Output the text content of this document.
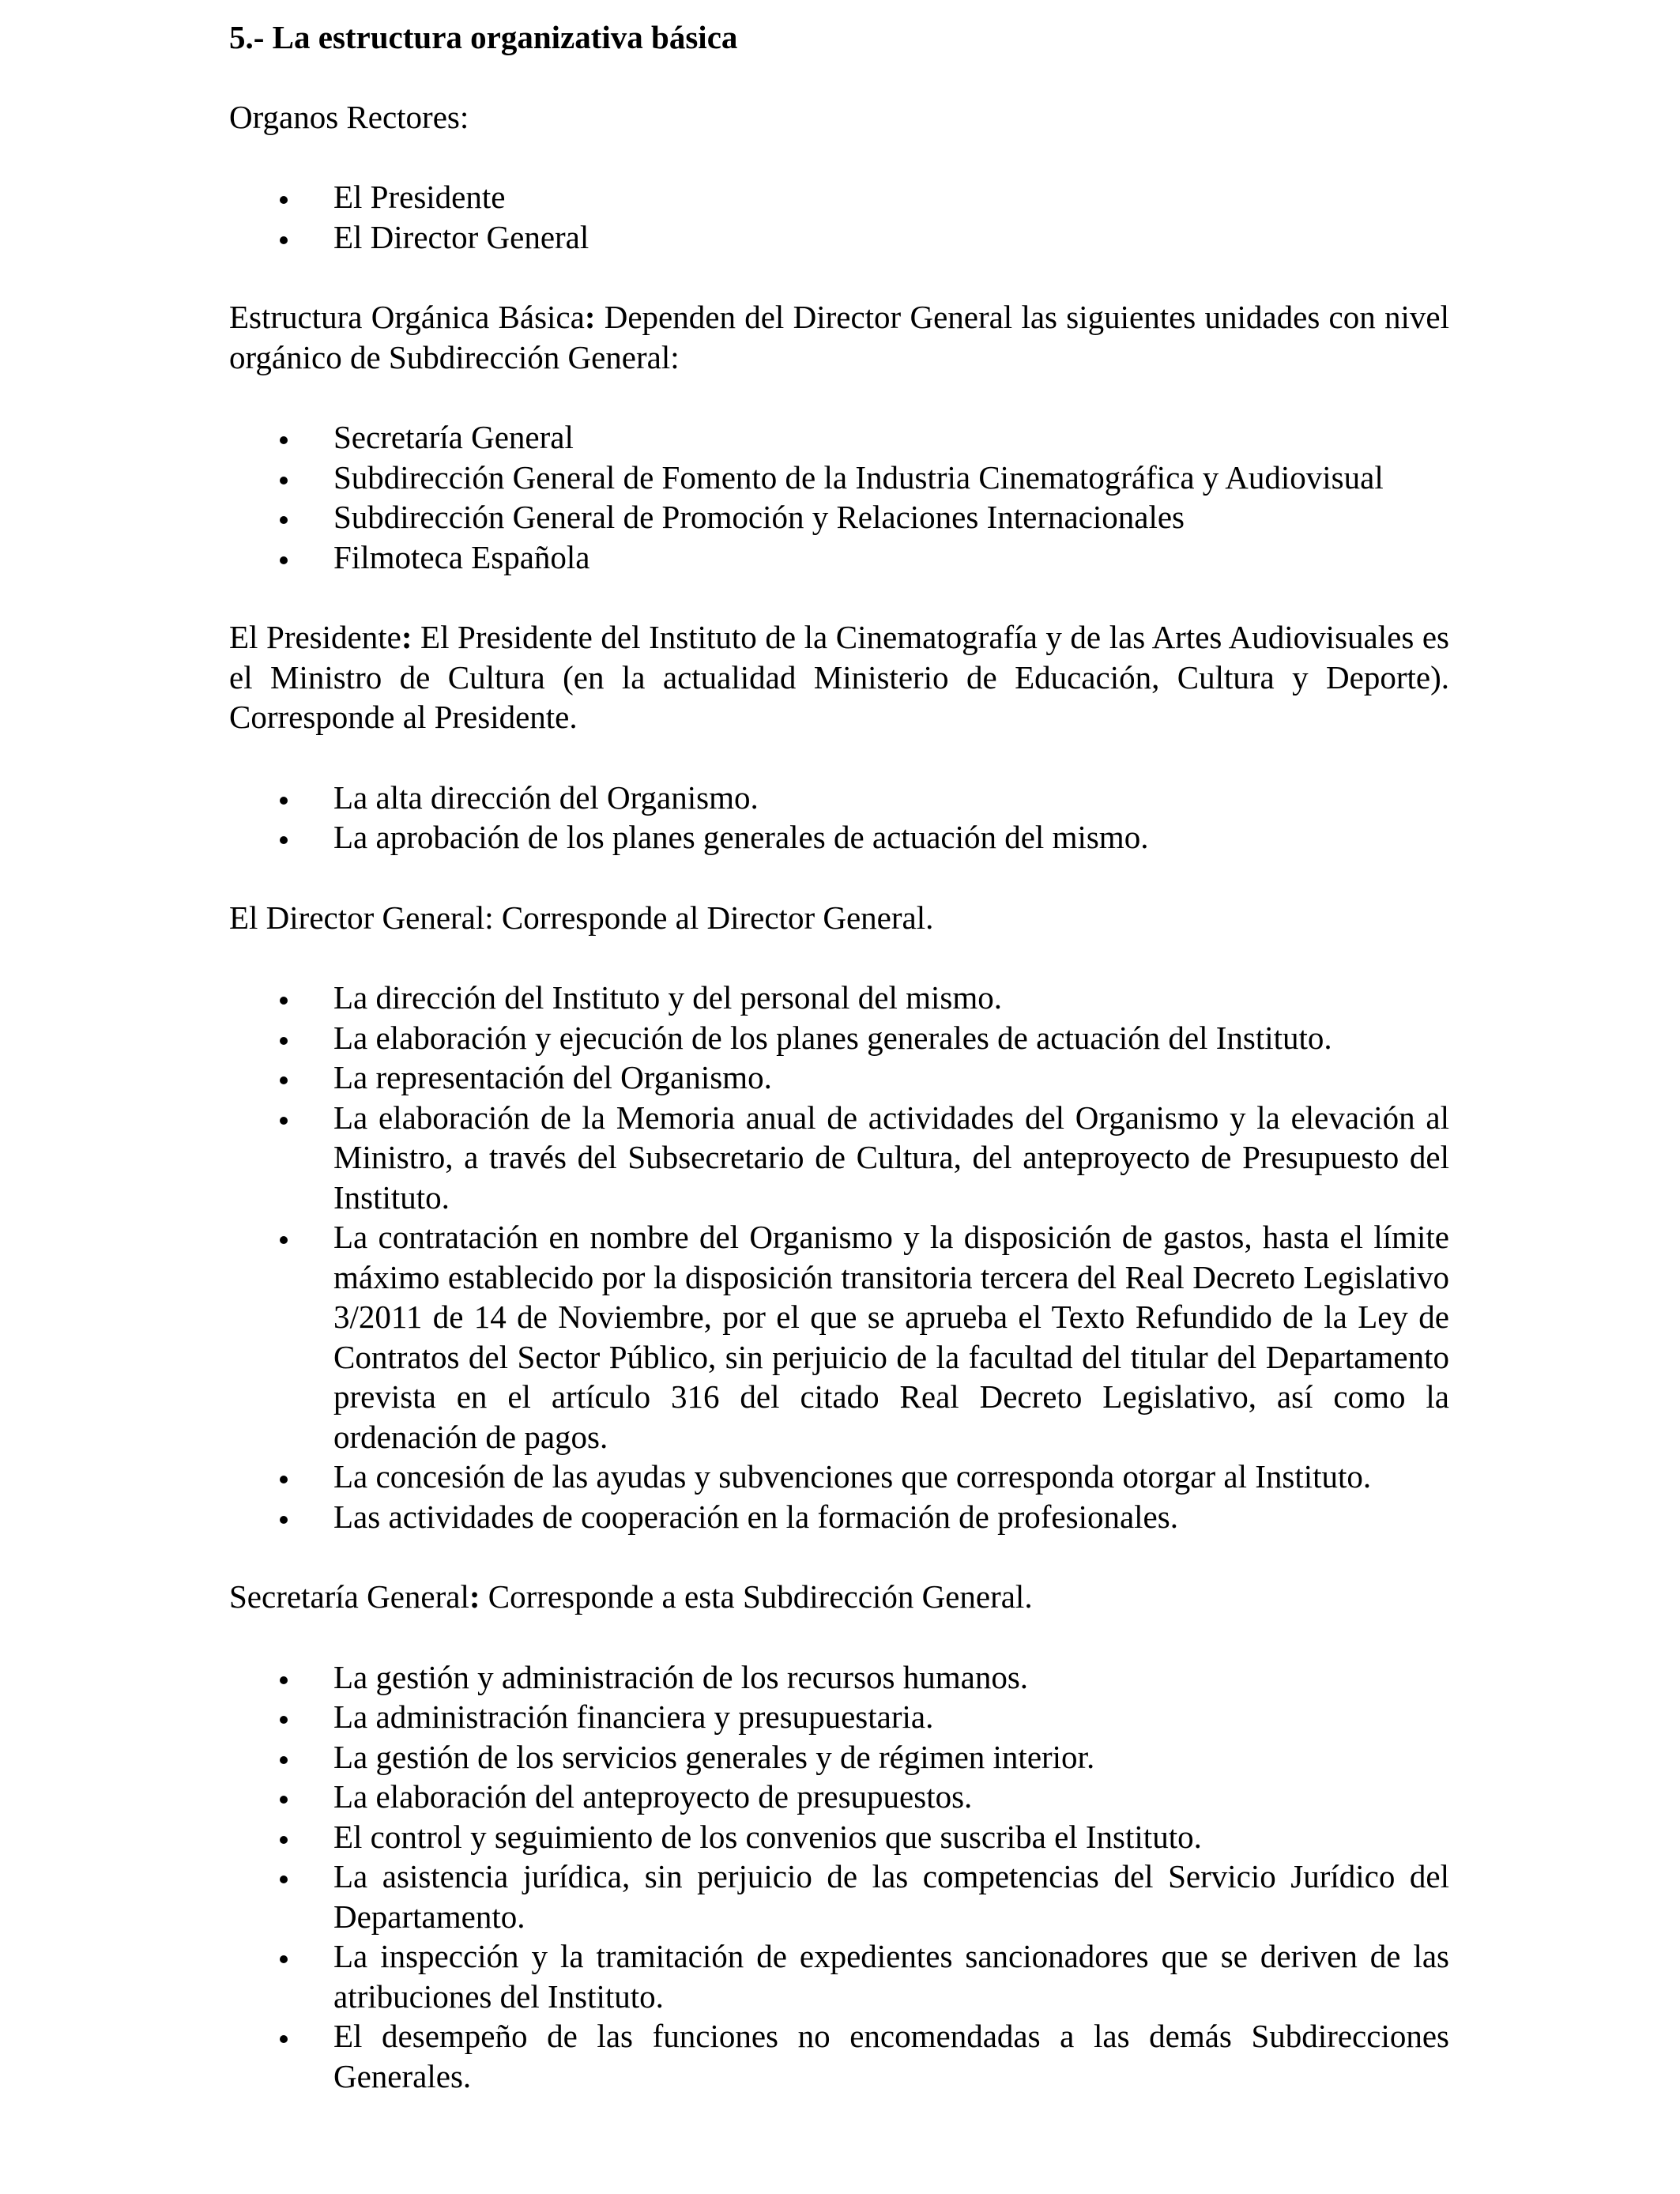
5.- La estructura organizativa básica
Organos Rectores:
El Presidente
El Director General
Estructura Orgánica Básica: Dependen del Director General las siguientes unidades con nivel orgánico de Subdirección General:
Secretaría General
Subdirección General de Fomento de la Industria Cinematográfica y Audiovisual
Subdirección General de Promoción y Relaciones Internacionales
Filmoteca Española
El Presidente: El Presidente del Instituto de la Cinematografía y de las Artes Audiovisuales es el Ministro de Cultura (en la actualidad Ministerio de Educación, Cultura y Deporte). Corresponde al Presidente.
La alta dirección del Organismo.
La aprobación de los planes generales de actuación del mismo.
El Director General: Corresponde al Director General.
La dirección del Instituto y del personal del mismo.
La elaboración y ejecución de los planes generales de actuación del Instituto.
La representación del Organismo.
La elaboración de la Memoria anual de actividades del Organismo y la elevación al Ministro, a través del Subsecretario de Cultura, del anteproyecto de Presupuesto del Instituto.
La contratación en nombre del Organismo y la disposición de gastos, hasta el límite máximo establecido por la disposición transitoria tercera del Real Decreto Legislativo 3/2011 de 14 de Noviembre, por el que se aprueba el Texto Refundido de la Ley de Contratos del Sector Público, sin perjuicio de la facultad del titular del Departamento prevista en el artículo 316 del citado Real Decreto Legislativo, así como la ordenación de pagos.
La concesión de las ayudas y subvenciones que corresponda otorgar al Instituto.
Las actividades de cooperación en la formación de profesionales.
Secretaría General: Corresponde a esta Subdirección General.
La gestión y administración de los recursos humanos.
La administración financiera y presupuestaria.
La gestión de los servicios generales y de régimen interior.
La elaboración del anteproyecto de presupuestos.
El control y seguimiento de los convenios que suscriba el Instituto.
La asistencia jurídica, sin perjuicio de las competencias del Servicio Jurídico del Departamento.
La inspección y la tramitación de expedientes sancionadores que se deriven de las atribuciones del Instituto.
El desempeño de las funciones no encomendadas a las demás Subdirecciones Generales.
